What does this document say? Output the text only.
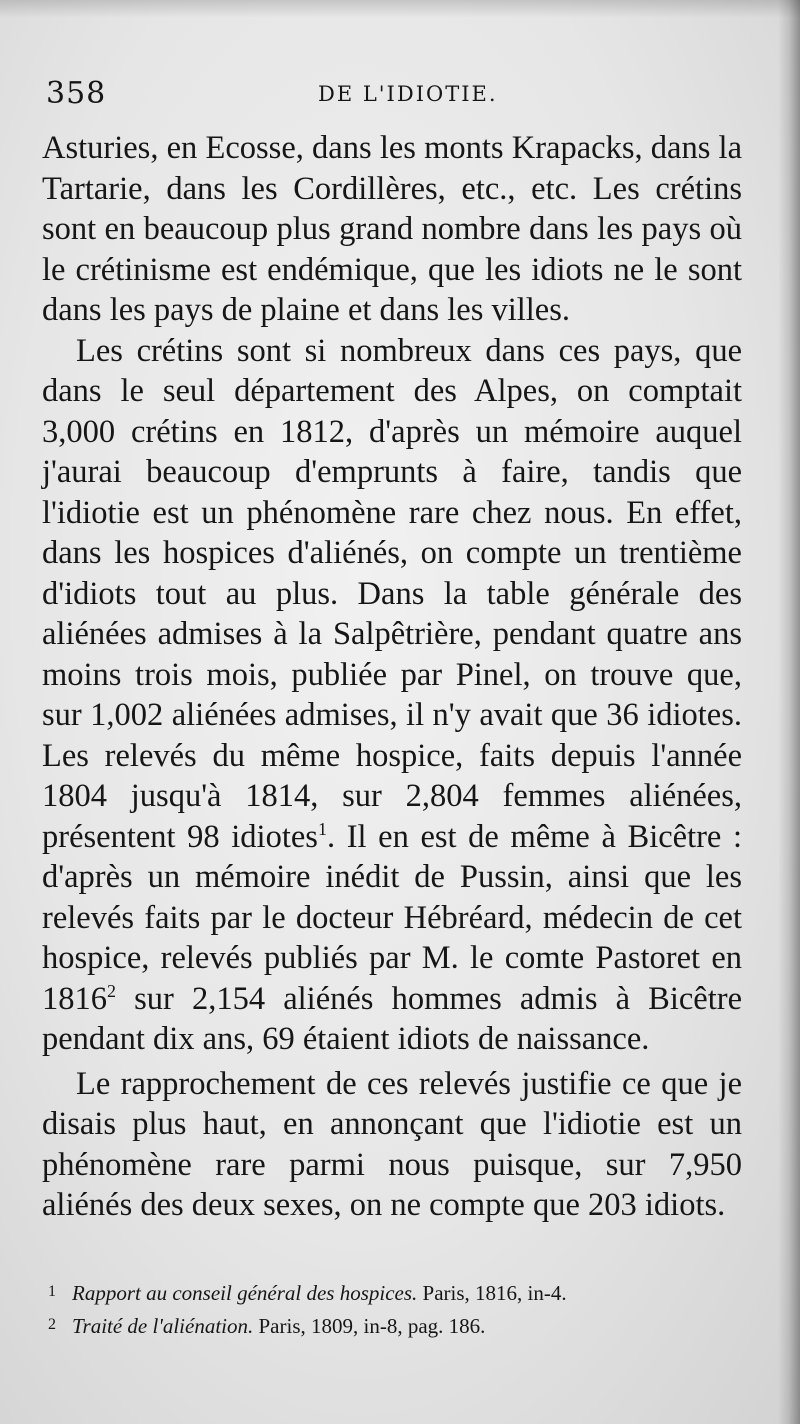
358	DE L'IDIOTIE.

Asturies, en Ecosse, dans les monts Krapacks, dans la Tartarie, dans les Cordillères, etc., etc. Les crétins sont en beaucoup plus grand nombre dans les pays où le crétinisme est endémique, que les idiots ne le sont dans les pays de plaine et dans les villes.

Les crétins sont si nombreux dans ces pays, que dans le seul département des Alpes, on comptait 3,000 crétins en 1812, d'après un mémoire auquel j'aurai beaucoup d'emprunts à faire, tandis que l'idiotie est un phénomène rare chez nous. En effet, dans les hospices d'aliénés, on compte un trentième d'idiots tout au plus. Dans la table générale des aliénées admises à la Salpêtrière, pendant quatre ans moins trois mois, publiée par Pinel, on trouve que, sur 1,002 aliénées admises, il n'y avait que 36 idiotes. Les relevés du même hospice, faits depuis l'année 1804 jusqu'à 1814, sur 2,804 femmes aliénées, présentent 98 idiotes$^1$. Il en est de même à Bicêtre : d'après un mémoire inédit de Pussin, ainsi que les relevés faits par le docteur Hébréard, médecin de cet hospice, relevés publiés par M. le comte Pastoret en 1816$^2$ sur 2,154 aliénés hommes admis à Bicêtre pendant dix ans, 69 étaient idiots de naissance.

Le rapprochement de ces relevés justifie ce que je disais plus haut, en annonçant que l'idiotie est un phénomène rare parmi nous puisque, sur 7,950 aliénés des deux sexes, on ne compte que 203 idiots.

1 Rapport au conseil général des hospices. Paris, 1816, in-4.
2 Traité de l'aliénation. Paris, 1809, in-8, pag. 186.
